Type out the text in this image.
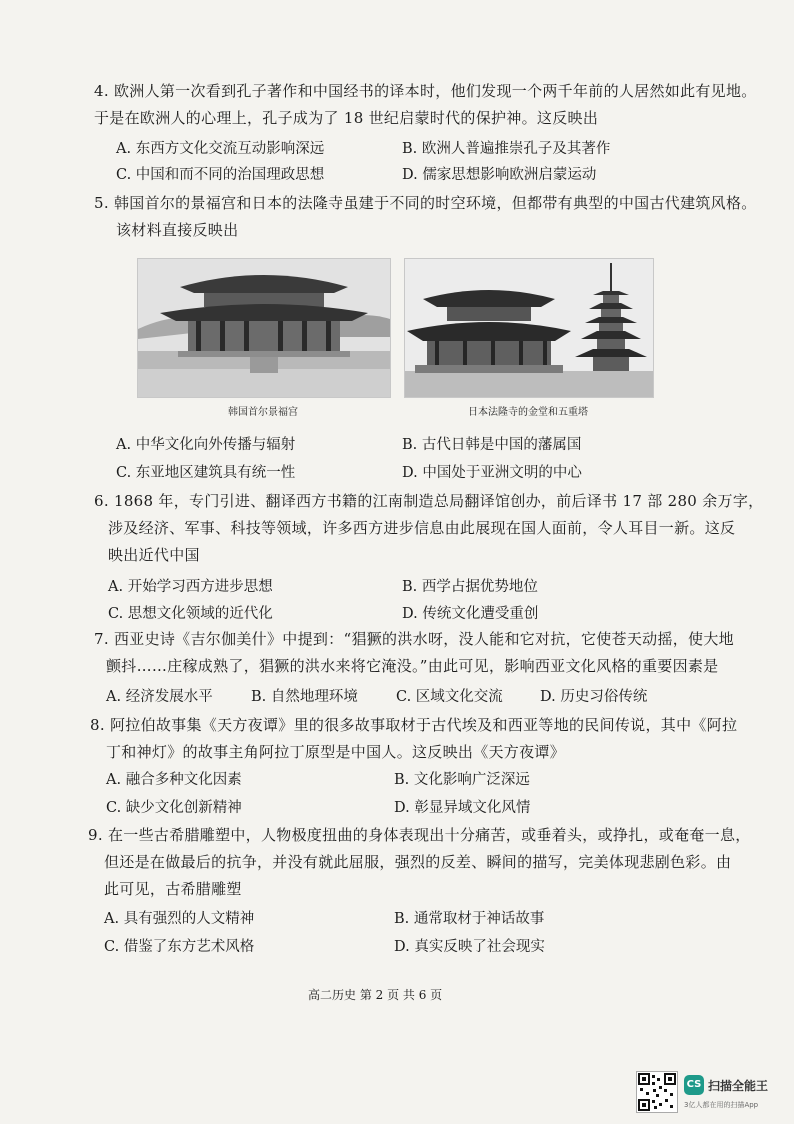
4. 欧洲人第一次看到孔子著作和中国经书的译本时，他们发现一个两千年前的人居然如此有见地。
于是在欧洲人的心理上，孔子成为了 18 世纪启蒙时代的保护神。这反映出
A. 东西方文化交流互动影响深远	B. 欧洲人普遍推崇孔子及其著作
C. 中国和而不同的治国理政思想	D. 儒家思想影响欧洲启蒙运动
5. 韩国首尔的景福宫和日本的法隆寺虽建于不同的时空环境，但都带有典型的中国古代建筑风格。
该材料直接反映出
韩国首尔景福宫	日本法隆寺的金堂和五重塔
A. 中华文化向外传播与辐射	B. 古代日韩是中国的藩属国
C. 东亚地区建筑具有统一性	D. 中国处于亚洲文明的中心
6. 1868 年，专门引进、翻译西方书籍的江南制造总局翻译馆创办，前后译书 17 部 280 余万字，
涉及经济、军事、科技等领域，许多西方进步信息由此展现在国人面前，令人耳目一新。这反
映出近代中国
A. 开始学习西方进步思想	B. 西学占据优势地位
C. 思想文化领域的近代化	D. 传统文化遭受重创
7. 西亚史诗《吉尔伽美什》中提到：“猖獗的洪水呀，没人能和它对抗，它使苍天动摇，使大地
颤抖……庄稼成熟了，猖獗的洪水来将它淹没。”由此可见，影响西亚文化风格的重要因素是
A. 经济发展水平	B. 自然地理环境	C. 区域文化交流	D. 历史习俗传统
8. 阿拉伯故事集《天方夜谭》里的很多故事取材于古代埃及和西亚等地的民间传说，其中《阿拉
丁和神灯》的故事主角阿拉丁原型是中国人。这反映出《天方夜谭》
A. 融合多种文化因素	B. 文化影响广泛深远
C. 缺少文化创新精神	D. 彰显异域文化风情
9. 在一些古希腊雕塑中，人物极度扭曲的身体表现出十分痛苦，或垂着头，或挣扎，或奄奄一息，
但还是在做最后的抗争，并没有就此屈服，强烈的反差、瞬间的描写，完美体现悲剧色彩。由
此可见，古希腊雕塑
A. 具有强烈的人文精神	B. 通常取材于神话故事
C. 借鉴了东方艺术风格	D. 真实反映了社会现实
高二历史 第 2 页 共 6 页
CS 扫描全能王
3亿人都在用的扫描App
